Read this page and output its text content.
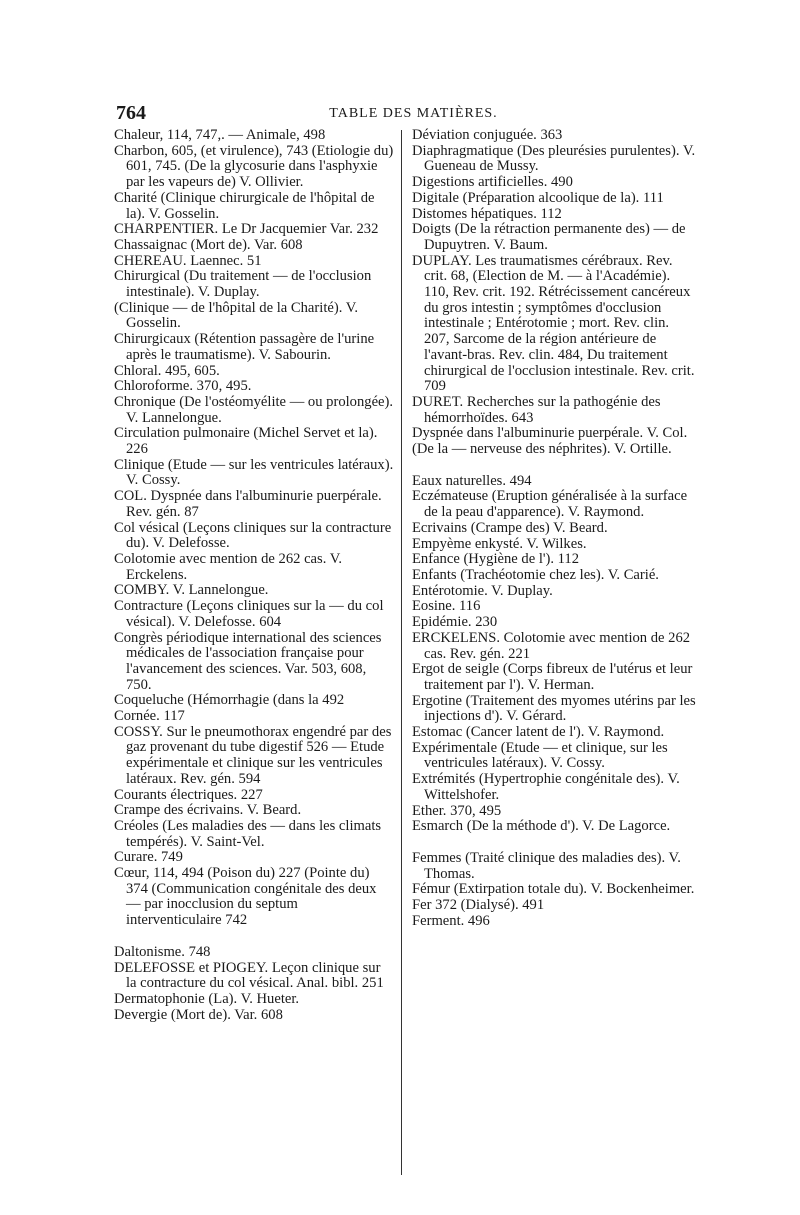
764	TABLE DES MATIÈRES.

Chaleur, 114, 747,. — Animale, 498

Charbon, 605, (et virulence), 743 (Etiologie du) 601, 745. (De la glycosurie dans l'asphyxie par les vapeurs de) V. Ollivier.

Charité (Clinique chirurgicale de l'hôpital de la). V. Gosselin.

CHARPENTIER. Le Dr Jacquemier Var. 232

Chassaignac (Mort de). Var. 608

CHEREAU. Laennec. 51

Chirurgical (Du traitement — de l'occlusion intestinale). V. Duplay.

(Clinique — de l'hôpital de la Charité). V. Gosselin.

Chirurgicaux (Rétention passagère de l'urine après le traumatisme). V. Sabourin.

Chloral. 495, 605.

Chloroforme. 370, 495.

Chronique (De l'ostéomyélite — ou prolongée). V. Lannelongue.

Circulation pulmonaire (Michel Servet et la). 226

Clinique (Etude — sur les ventricules latéraux). V. Cossy.

COL. Dyspnée dans l'albuminurie puerpérale. Rev. gén. 87

Col vésical (Leçons cliniques sur la contracture du). V. Delefosse.

Colotomie avec mention de 262 cas. V. Erckelens.

COMBY. V. Lannelongue.

Contracture (Leçons cliniques sur la — du col vésical). V. Delefosse. 604

Congrès périodique international des sciences médicales de l'association française pour l'avancement des sciences. Var. 503, 608, 750.

Coqueluche (Hémorrhagie (dans la 492

Cornée. 117

COSSY. Sur le pneumothorax engendré par des gaz provenant du tube digestif 526 — Etude expérimentale et clinique sur les ventricules latéraux. Rev. gén. 594

Courants électriques. 227

Crampe des écrivains. V. Beard.

Créoles (Les maladies des — dans les climats tempérés). V. Saint-Vel.

Curare. 749

Cœur, 114, 494 (Poison du) 227 (Pointe du) 374 (Communication congénitale des deux — par inocclusion du septum interventiculaire 742

Daltonisme. 748

DELEFOSSE et PIOGEY. Leçon clinique sur la contracture du col vésical. Anal. bibl. 251

Dermatophonie (La). V. Hueter.

Devergie (Mort de). Var. 608

Déviation conjuguée. 363

Diaphragmatique (Des pleurésies purulentes). V. Gueneau de Mussy.

Digestions artificielles. 490

Digitale (Préparation alcoolique de la). 111

Distomes hépatiques. 112

Doigts (De la rétraction permanente des) — de Dupuytren. V. Baum.

DUPLAY. Les traumatismes cérébraux. Rev. crit. 68, (Election de M. — à l'Académie). 110, Rev. crit. 192. Rétrécissement cancéreux du gros intestin ; symptômes d'occlusion intestinale ; Entérotomie ; mort. Rev. clin. 207, Sarcome de la région antérieure de l'avant-bras. Rev. clin. 484, Du traitement chirurgical de l'occlusion intestinale. Rev. crit. 709

DURET. Recherches sur la pathogénie des hémorrhoïdes. 643

Dyspnée dans l'albuminurie puerpérale. V. Col.

(De la — nerveuse des néphrites). V. Ortille.

Eaux naturelles. 494

Eczémateuse (Eruption généralisée à la surface de la peau d'apparence). V. Raymond.

Ecrivains (Crampe des) V. Beard.

Empyème enkysté. V. Wilkes.

Enfance (Hygiène de l'). 112

Enfants (Trachéotomie chez les). V. Carié.

Entérotomie. V. Duplay.

Eosine. 116

Epidémie. 230

ERCKELENS. Colotomie avec mention de 262 cas. Rev. gén. 221

Ergot de seigle (Corps fibreux de l'utérus et leur traitement par l'). V. Herman.

Ergotine (Traitement des myomes utérins par les injections d'). V. Gérard.

Estomac (Cancer latent de l'). V. Raymond.

Expérimentale (Etude — et clinique, sur les ventricules latéraux). V. Cossy.

Extrémités (Hypertrophie congénitale des). V. Wittelshofer.

Ether. 370, 495

Esmarch (De la méthode d'). V. De Lagorce.

Femmes (Traité clinique des maladies des). V. Thomas.

Fémur (Extirpation totale du). V. Bockenheimer.

Fer 372 (Dialysé). 491

Ferment. 496
